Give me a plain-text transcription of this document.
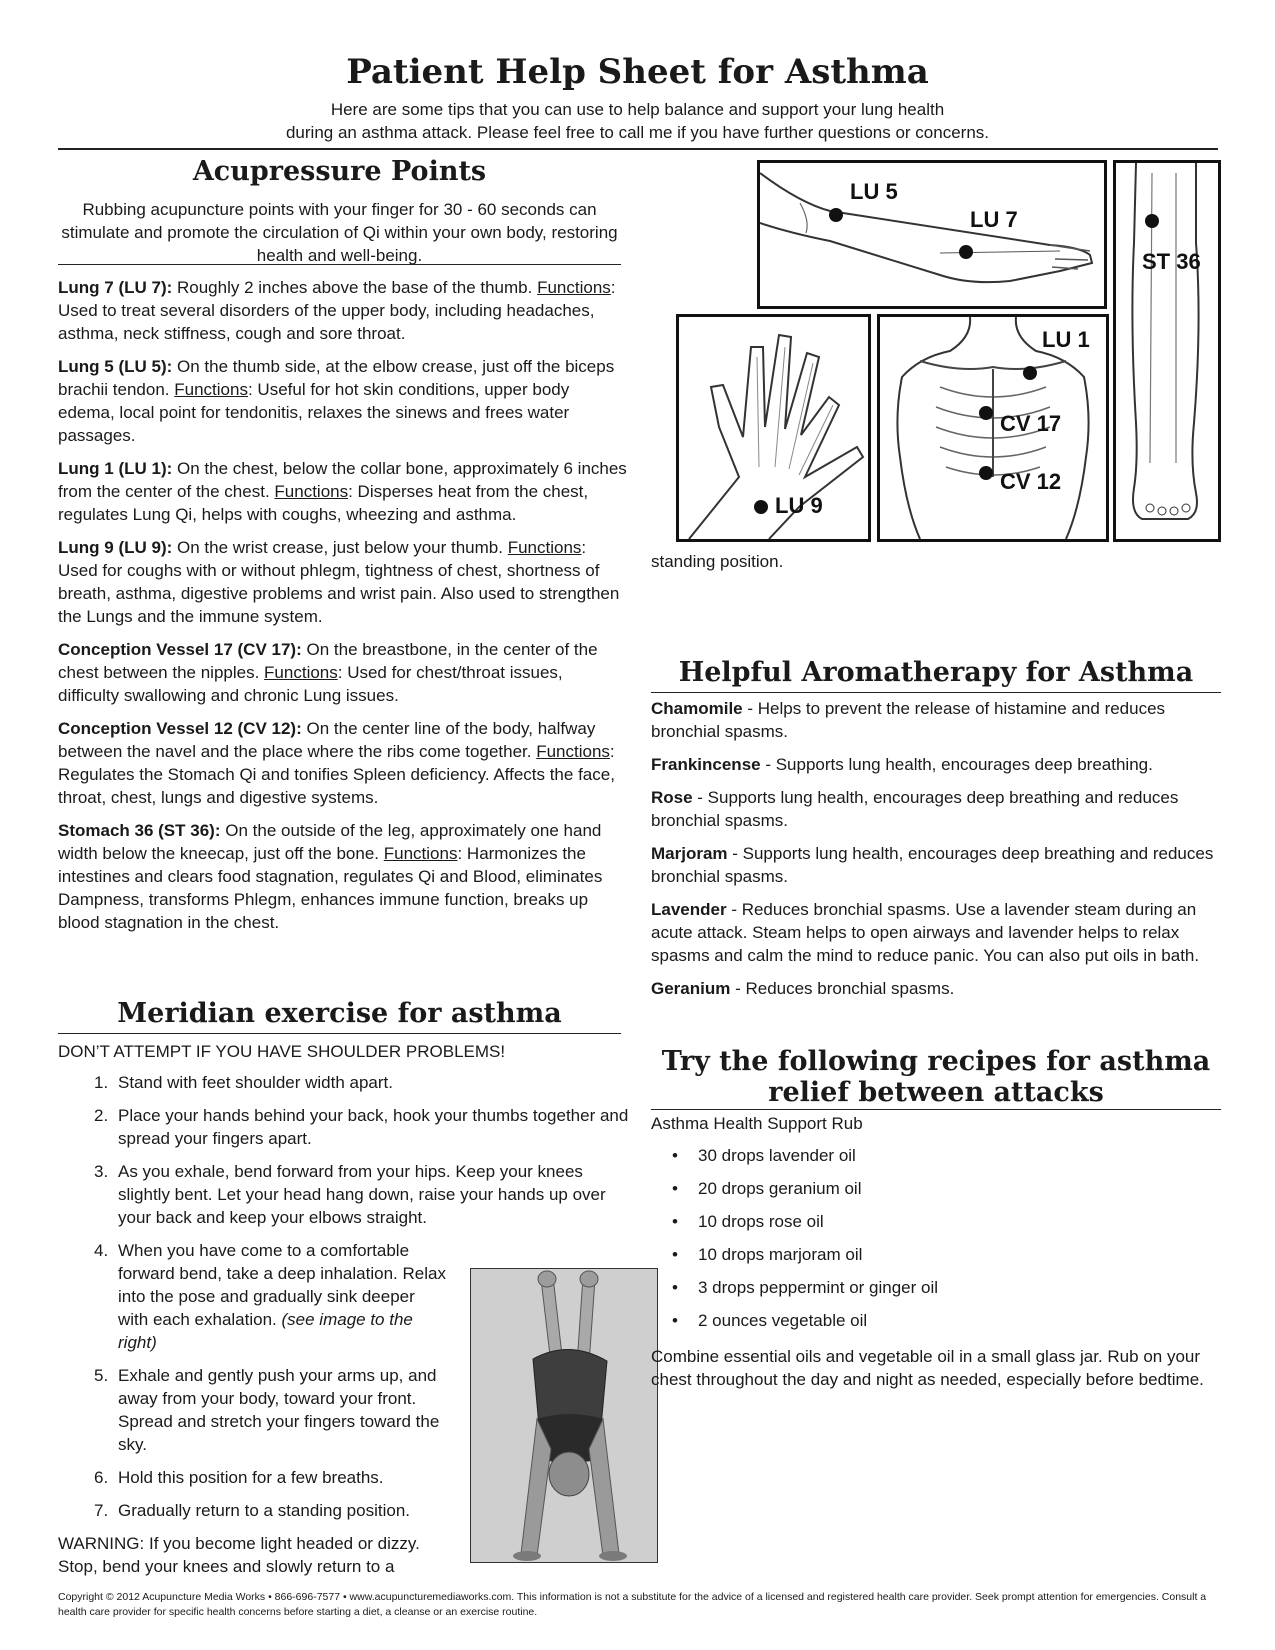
Patient Help Sheet for Asthma
Here are some tips that you can use to help balance and support your lung health
during an asthma attack. Please feel free to call me if you have further questions or concerns.
Acupressure Points
Rubbing acupuncture points with your finger for 30 - 60 seconds can stimulate and promote the circulation of Qi within your own body, restoring health and well-being.

Lung 7 (LU 7): Roughly 2 inches above the base of the thumb. Functions: Used to treat several disorders of the upper body, including headaches, asthma, neck stiffness, cough and sore throat.

Lung 5 (LU 5): On the thumb side, at the elbow crease, just off the biceps brachii tendon. Functions: Useful for hot skin conditions, upper body edema, local point for tendonitis, relaxes the sinews and frees water passages.

Lung 1 (LU 1): On the chest, below the collar bone, approximately 6 inches from the center of the chest. Functions: Disperses heat from the chest, regulates Lung Qi, helps with coughs, wheezing and asthma.

Lung 9 (LU 9): On the wrist crease, just below your thumb. Functions: Used for coughs with or without phlegm, tightness of chest, shortness of breath, asthma, digestive problems and wrist pain. Also used to strengthen the Lungs and the immune system.

Conception Vessel 17 (CV 17): On the breastbone, in the center of the chest between the nipples. Functions: Used for chest/throat issues, difficulty swallowing and chronic Lung issues.

Conception Vessel 12 (CV 12): On the center line of the body, halfway between the navel and the place where the ribs come together. Functions: Regulates the Stomach Qi and tonifies Spleen deficiency. Affects the face, throat, chest, lungs and digestive systems.

Stomach 36 (ST 36): On the outside of the leg, approximately one hand width below the kneecap, just off the bone. Functions: Harmonizes the intestines and clears food stagnation, regulates Qi and Blood, eliminates Dampness, transforms Phlegm, enhances immune function, breaks up blood stagnation in the chest.

Meridian exercise for asthma
DON’T ATTEMPT IF YOU HAVE SHOULDER PROBLEMS!
1. Stand with feet shoulder width apart.
2. Place your hands behind your back, hook your thumbs together and spread your fingers apart.
3. As you exhale, bend forward from your hips. Keep your knees slightly bent. Let your head hang down, raise your hands up over your back and keep your elbows straight.
4. When you have come to a comfortable forward bend, take a deep inhalation. Relax into the pose and gradually sink deeper with each exhalation. (see image to the right)
5. Exhale and gently push your arms up, and away from your body, toward your front. Spread and stretch your fingers toward the sky.
6. Hold this position for a few breaths.
7. Gradually return to a standing position.
WARNING: If you become light headed or dizzy. Stop, bend your knees and slowly return to a
LU 5
LU 7
ST 36
LU 9
LU 1
CV 17
CV 12
standing position.
Helpful Aromatherapy for Asthma

Chamomile - Helps to prevent the release of histamine and reduces bronchial spasms.

Frankincense - Supports lung health, encourages deep breathing.

Rose - Supports lung health, encourages deep breathing and reduces bronchial spasms.

Marjoram - Supports lung health, encourages deep breathing and reduces bronchial spasms.

Lavender - Reduces bronchial spasms. Use a lavender steam during an acute attack. Steam helps to open airways and lavender helps to relax spasms and calm the mind to reduce panic. You can also put oils in bath.

Geranium - Reduces bronchial spasms.

Try the following recipes for asthma
relief between attacks
Asthma Health Support Rub
• 30 drops lavender oil
• 20 drops geranium oil
• 10 drops rose oil
• 10 drops marjoram oil
• 3 drops peppermint or ginger oil
• 2 ounces vegetable oil
Combine essential oils and vegetable oil in a small glass jar. Rub on your chest throughout the day and night as needed, especially before bedtime.
Copyright © 2012 Acupuncture Media Works • 866-696-7577 • www.acupuncturemediaworks.com. This information is not a substitute for the advice of a licensed and registered health care provider. Seek prompt attention for emergencies. Consult a health care provider for specific health concerns before starting a diet, a cleanse or an exercise routine.
